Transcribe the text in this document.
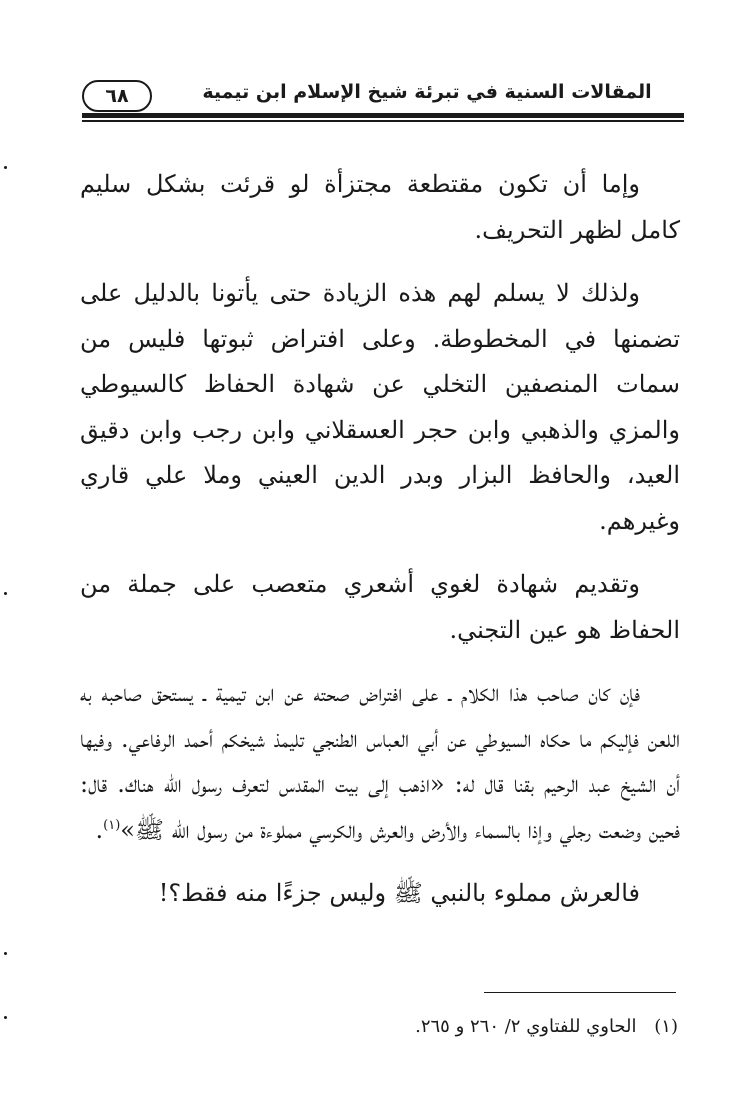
٦٨	المقالات السنية في تبرئة شيخ الإسلام ابن تيمية

وإما أن تكون مقتطعة مجتزأة لو قرئت بشكل سليم كامل لظهر التحريف.

ولذلك لا يسلم لهم هذه الزيادة حتى يأتونا بالدليل على تضمنها في المخطوطة. وعلى افتراض ثبوتها فليس من سمات المنصفين التخلي عن شهادة الحفاظ كالسيوطي والمزي والذهبي وابن حجر العسقلاني وابن رجب وابن دقيق العيد، والحافظ البزار وبدر الدين العيني وملا علي قاري وغيرهم.

وتقديم شهادة لغوي أشعري متعصب على جملة من الحفاظ هو عين التجني.

فإن كان صاحب هذا الكلام ـ على افتراض صحته عن ابن تيمية ـ يستحق صاحبه به اللعن فإليكم ما حكاه السيوطي عن أبي العباس الطنجي تليمذ شيخكم أحمد الرفاعي. وفيها أن الشيخ عبد الرحيم بقنا قال له: «اذهب إلى بيت المقدس لتعرف رسول الله هناك. قال: فحين وضعت رجلي وإذا بالسماء والأرض والعرش والكرسي مملوءة من رسول الله ﷺ»$^{(١)}$.

فالعرش مملوء بالنبي ﷺ وليس جزءًا منه فقط؟!

(١) الحاوي للفتاوي ٢/ ٢٦٠ و ٢٦٥.
